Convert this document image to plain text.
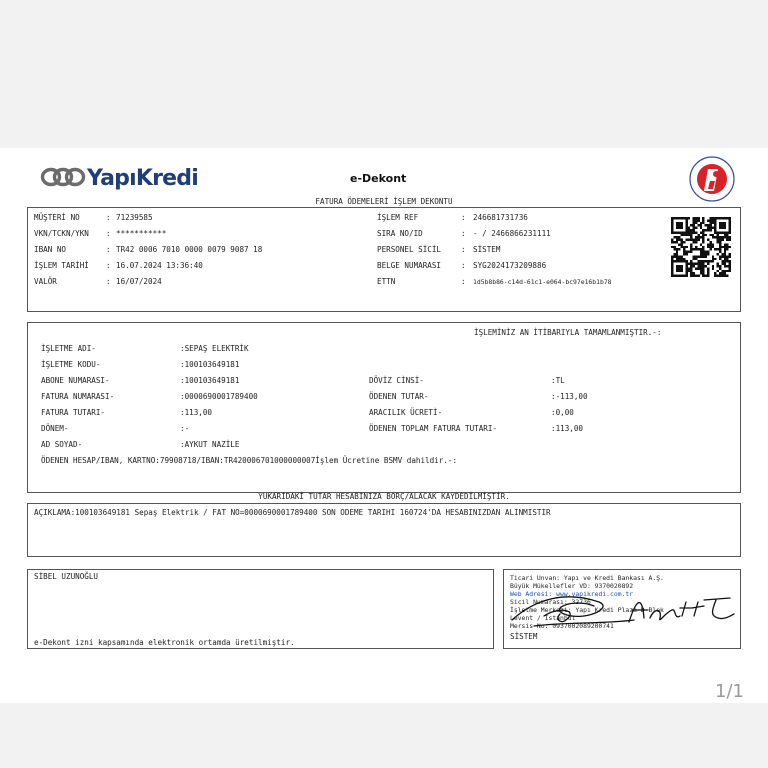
YapıKredi	e-Dekont
FATURA ÖDEMELERİ İŞLEM DEKONTU
MÜŞTERİ NO	: 71239585
VKN/TCKN/YKN : ***********
IBAN NO	: TR42 0006 7010 0000 0079 9087 18
İŞLEM TARİHİ : 16.07.2024 13:36:40
VALÖR	: 16/07/2024
İŞLEM REF	: 246681731736
SIRA NO/ID	: - / 2466866231111
PERSONEL SİCİL	: SİSTEM
BELGE NUMARASI	: SYG2024173209886
ETTN	: 1d5b8b86-c14d-61c1-e064-bc97e16b1b78
İŞLEMİNİZ AN İTİBARIYLA TAMAMLANMIŞTIR.-:
İŞLETME ADI-	:SEPAŞ ELEKTRİK
İŞLETME KODU-	:100103649181
ABONE NUMARASI-	:100103649181
FATURA NUMARASI-	:0000690001789400
FATURA TUTARI-	:113,00
DÖNEM-	:-
AD SOYAD-	:AYKUT NAZİLE
DÖVİZ CİNSİ-	:TL
ÖDENEN TUTAR-	:-113,00
ARACILIK ÜCRETİ-	:0,00
ÖDENEN TOPLAM FATURA TUTARI-	:113,00
ÖDENEN HESAP/IBAN, KARTNO:79908718/IBAN:TR420006701000000007İşlem Ücretine BSMV dahildir.-:
YUKARIDAKİ TUTAR HESABINIZA BORÇ/ALACAK KAYDEDİLMİŞTİR.
AÇIKLAMA:100103649181 Sepaş Elektrik / FAT NO=0000690001789400 SON ODEME TARIHI 160724'DA HESABINIZDAN ALINMISTIR
SİBEL UZUNOĞLU
e-Dekont izni kapsamında elektronik ortamda üretilmiştir.
Ticari Unvan: Yapı ve Kredi Bankası A.Ş.
Büyük Mükellefler VD: 9370020892
Web Adresi: www.yapikredi.com.tr
Sicil Numarası: 32736
İşletme Merkezi: Yapı Kredi Plaza D Blok
Levent / İstanbul
Mersis No: 0937002089200741
SİSTEM
1/1
